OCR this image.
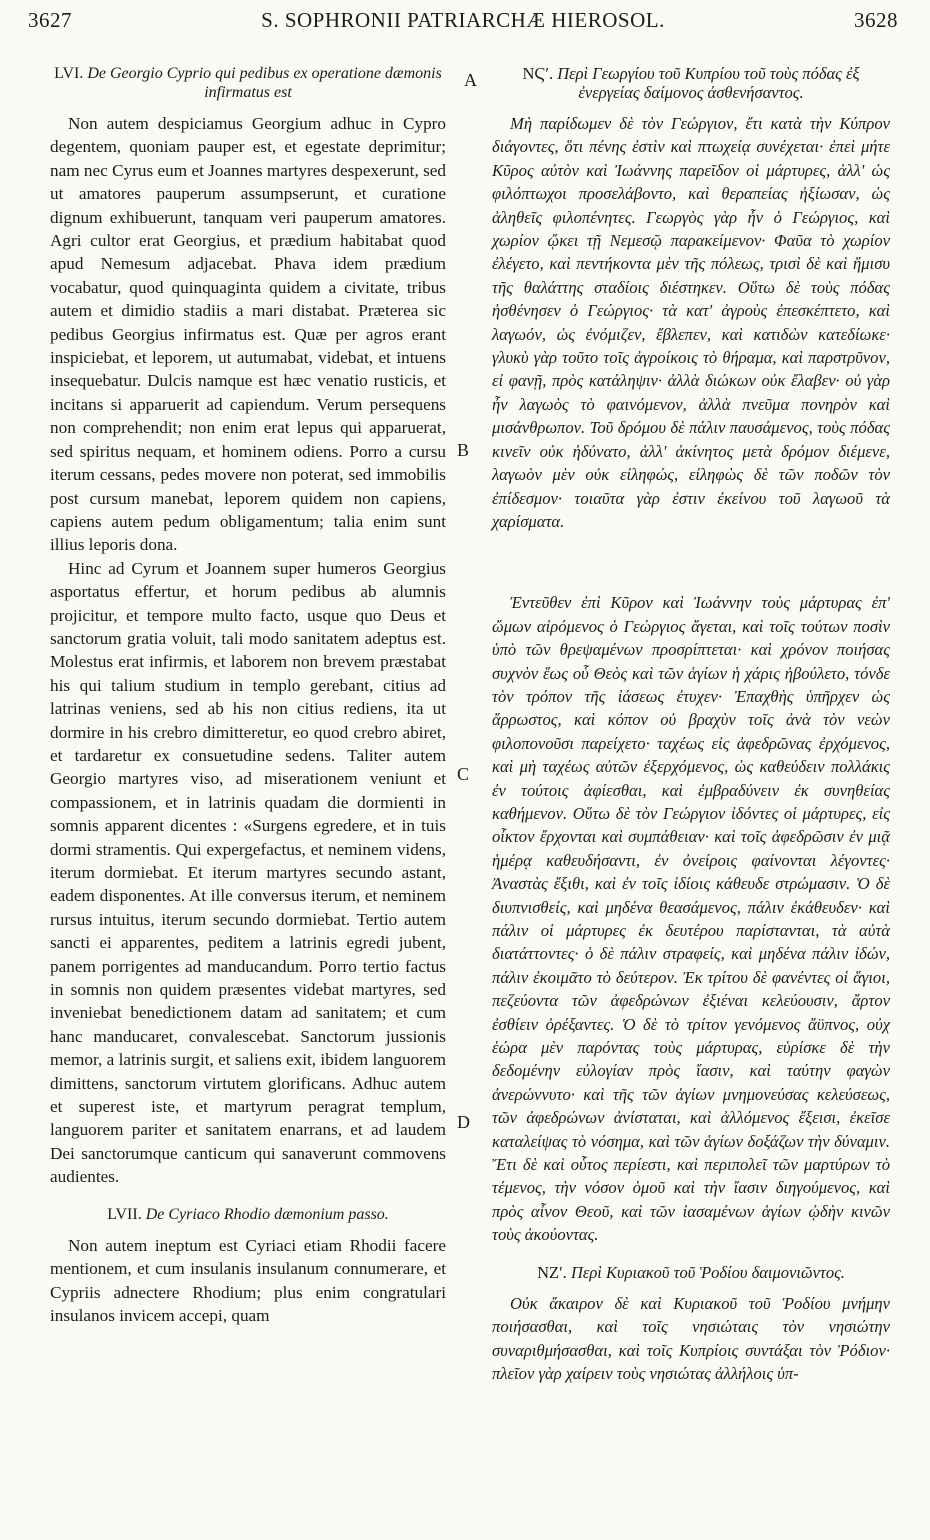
3627	S. SOPHRONII PATRIARCHÆ HIEROSOL.	3628
A
B
C
D
LVI. De Georgio Cyprio qui pedibus ex operatione dæmonis infirmatus est

Non autem despiciamus Georgium adhuc in Cypro degentem, quoniam pauper est, et egestate deprimitur; nam nec Cyrus eum et Joannes martyres despexerunt, sed ut amatores pauperum assumpserunt, et curatione dignum exhibuerunt, tanquam veri pauperum amatores. Agri cultor erat Georgius, et prædium habitabat quod apud Nemesum adjacebat. Phava idem prædium vocabatur, quod quinquaginta quidem a civitate, tribus autem et dimidio stadiis a mari distabat. Præterea sic pedibus Georgius infirmatus est. Quæ per agros erant inspiciebat, et leporem, ut autumabat, videbat, et intuens insequebatur. Dulcis namque est hæc venatio rusticis, et incitans si apparuerit ad capiendum. Verum persequens non comprehendit; non enim erat lepus qui apparuerat, sed spiritus nequam, et hominem odiens. Porro a cursu iterum cessans, pedes movere non poterat, sed immobilis post cursum manebat, leporem quidem non capiens, capiens autem pedum obligamentum; talia enim sunt illius leporis dona.

Hinc ad Cyrum et Joannem super humeros Georgius asportatus effertur, et horum pedibus ab alumnis projicitur, et tempore multo facto, usque quo Deus et sanctorum gratia voluit, tali modo sanitatem adeptus est. Molestus erat infirmis, et laborem non brevem præstabat his qui talium studium in templo gerebant, citius ad latrinas veniens, sed ab his non citius rediens, ita ut dormire in his crebro dimitteretur, eo quod crebro abiret, et tardaretur ex consuetudine sedens. Taliter autem Georgio martyres viso, ad miserationem veniunt et compassionem, et in latrinis quadam die dormienti in somnis apparent dicentes : «Surgens egredere, et in tuis dormi stramentis. Qui expergefactus, et neminem videns, iterum dormiebat. Et iterum martyres secundo astant, eadem disponentes. At ille conversus iterum, et neminem rursus intuitus, iterum secundo dormiebat. Tertio autem sancti ei apparentes, peditem a latrinis egredi jubent, panem porrigentes ad manducandum. Porro tertio factus in somnis non quidem præsentes videbat martyres, sed inveniebat benedictionem datam ad sanitatem; et cum hanc manducaret, convalescebat. Sanctorum jussionis memor, a latrinis surgit, et saliens exit, ibidem languorem dimittens, sanctorum virtutem glorificans. Adhuc autem et superest iste, et martyrum peragrat templum, languorem pariter et sanitatem enarrans, et ad laudem Dei sanctorumque canticum qui sanaverunt commovens audientes.

LVII. De Cyriaco Rhodio dæmonium passo.

Non autem ineptum est Cyriaci etiam Rhodii facere mentionem, et cum insulanis insulanum connumerare, et Cypriis adnectere Rhodium; plus enim congratulari insulanos invicem accepi, quam

ΝϚʹ. Περὶ Γεωργίου τοῦ Κυπρίου τοῦ τοὺς πόδας ἐξ ἐνεργείας δαίμονος ἀσθενήσαντος.

Μὴ παρίδωμεν δὲ τὸν Γεώργιον, ἔτι κατὰ τὴν Κύπρον διάγοντες, ὅτι πένης ἐστὶν καὶ πτωχείᾳ συνέχεται· ἐπεὶ μήτε Κῦρος αὐτὸν καὶ Ἰωάννης παρεῖδον οἱ μάρτυρες, ἀλλ' ὡς φιλόπτωχοι προσελάβοντο, καὶ θεραπείας ἠξίωσαν, ὡς ἀληθεῖς φιλοπένητες. Γεωργὸς γὰρ ἦν ὁ Γεώργιος, καὶ χωρίον ᾤκει τῇ Νεμεσῷ παρακείμενον· Φαῦα τὸ χωρίον ἐλέγετο, καὶ πεντήκοντα μὲν τῆς πόλεως, τρισὶ δὲ καὶ ἥμισυ τῆς θαλάττης σταδίοις διέστηκεν. Οὕτω δὲ τοὺς πόδας ἠσθένησεν ὁ Γεώργιος· τὰ κατ' ἀγροὺς ἐπεσκέπτετο, καὶ λαγωόν, ὡς ἐνόμιζεν, ἔβλεπεν, καὶ κατιδὼν κατεδίωκε· γλυκὺ γὰρ τοῦτο τοῖς ἀγροίκοις τὸ θήραμα, καὶ παρστρῦνον, εἰ φανῇ, πρὸς κατάληψιν· ἀλλὰ διώκων οὐκ ἔλαβεν· οὐ γὰρ ἦν λαγωὸς τὸ φαινόμενον, ἀλλὰ πνεῦμα πονηρὸν καὶ μισάνθρωπον. Τοῦ δρόμου δὲ πάλιν παυσάμενος, τοὺς πόδας κινεῖν οὐκ ἠδύνατο, ἀλλ' ἀκίνητος μετὰ δρόμον διέμενε, λαγωὸν μὲν οὐκ εἰληφώς, εἰληφὼς δὲ τῶν ποδῶν τὸν ἐπίδεσμον· τοιαῦτα γὰρ ἐστιν ἐκείνου τοῦ λαγωοῦ τὰ χαρίσματα.

Ἐντεῦθεν ἐπὶ Κῦρον καὶ Ἰωάννην τοὺς μάρτυρας ἐπ' ὤμων αἰρόμενος ὁ Γεώργιος ἄγεται, καὶ τοῖς τούτων ποσὶν ὑπὸ τῶν θρεψαμένων προσρίπτεται· καὶ χρόνον ποιήσας συχνὸν ἕως οὗ Θεὸς καὶ τῶν ἁγίων ἡ χάρις ἠβούλετο, τόνδε τὸν τρόπον τῆς ἰάσεως ἐτυχεν· Ἐπαχθὴς ὑπῆρχεν ὡς ἄρρωστος, καὶ κόπον οὐ βραχὺν τοῖς ἀνὰ τὸν νεὼν φιλοπονοῦσι παρείχετο· ταχέως εἰς ἀφεδρῶνας ἐρχόμενος, καὶ μὴ ταχέως αὐτῶν ἐξερχόμενος, ὡς καθεύδειν πολλάκις ἐν τούτοις ἀφίεσθαι, καὶ ἐμβραδύνειν ἐκ συνηθείας καθήμενον. Οὕτω δὲ τὸν Γεώργιον ἰδόντες οἱ μάρτυρες, εἰς οἶκτον ἔρχονται καὶ συμπάθειαν· καὶ τοῖς ἀφεδρῶσιν ἐν μιᾷ ἡμέρᾳ καθευδήσαντι, ἐν ὀνείροις φαίνονται λέγοντες· Ἀναστὰς ἔξιθι, καὶ ἐν τοῖς ἰδίοις κάθευδε στρώμασιν. Ὁ δὲ διυπνισθείς, καὶ μηδένα θεασάμενος, πάλιν ἐκάθευδεν· καὶ πάλιν οἱ μάρτυρες ἐκ δευτέρου παρίστανται, τὰ αὐτὰ διατάττοντες· ὁ δὲ πάλιν στραφείς, καὶ μηδένα πάλιν ἰδών, πάλιν ἐκοιμᾶτο τὸ δεύτερον. Ἐκ τρίτου δὲ φανέντες οἱ ἅγιοι, πεζεύοντα τῶν ἀφεδρώνων ἐξιέναι κελεύουσιν, ἄρτον ἐσθίειν ὀρέξαντες. Ὁ δὲ τὸ τρίτον γενόμενος ἄϋπνος, οὐχ ἑώρα μὲν παρόντας τοὺς μάρτυρας, εὑρίσκε δὲ τὴν δεδομένην εὐλογίαν πρὸς ἴασιν, καὶ ταύτην φαγὼν ἀνερώννυτο· καὶ τῆς τῶν ἁγίων μνημονεύσας κελεύσεως, τῶν ἀφεδρώνων ἀνίσταται, καὶ ἀλλόμενος ἔξεισι, ἐκεῖσε καταλείψας τὸ νόσημα, καὶ τῶν ἁγίων δοξάζων τὴν δύναμιν. Ἔτι δὲ καὶ οὗτος περίεστι, καὶ περιπολεῖ τῶν μαρτύρων τὸ τέμενος, τὴν νόσον ὁμοῦ καὶ τὴν ἴασιν διηγούμενος, καὶ πρὸς αἶνον Θεοῦ, καὶ τῶν ἰασαμένων ἁγίων ᾠδὴν κινῶν τοὺς ἀκούοντας.

ΝΖʹ. Περὶ Κυριακοῦ τοῦ Ῥοδίου δαιμονιῶντος.

Οὐκ ἄκαιρον δὲ καὶ Κυριακοῦ τοῦ Ῥοδίου μνήμην ποιήσασθαι, καὶ τοῖς νησιώταις τὸν νησιώτην συναριθμήσασθαι, καὶ τοῖς Κυπρίοις συντάξαι τὸν Ῥόδιον· πλεῖον γὰρ χαίρειν τοὺς νησιώτας ἀλλήλοις ὑπ-
